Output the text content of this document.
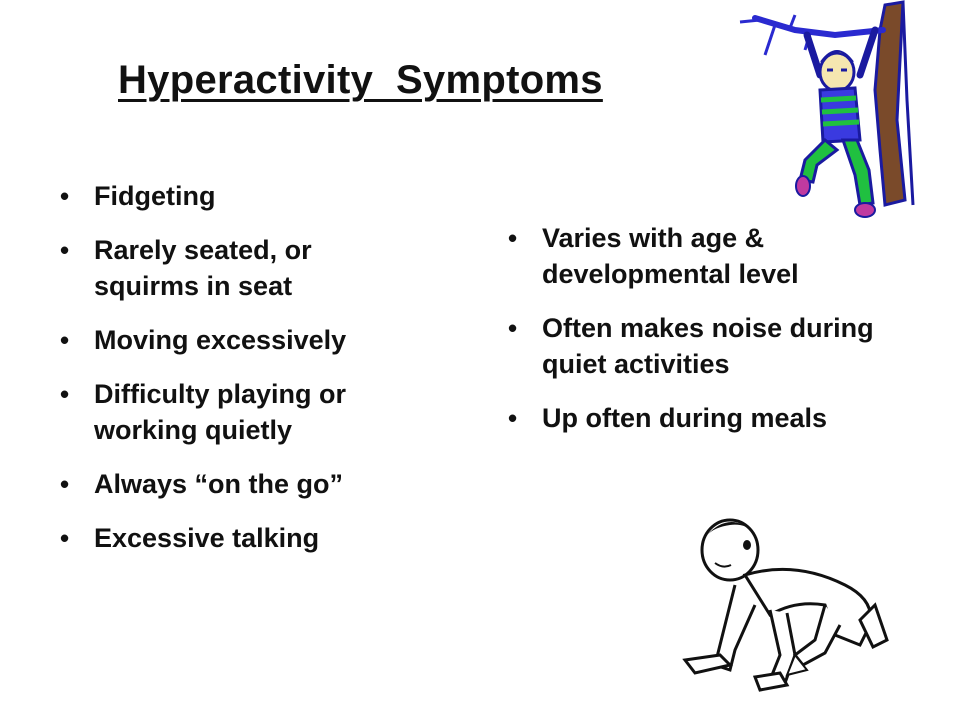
Hyperactivity  Symptoms
• Fidgeting
• Rarely seated, or squirms in seat
• Moving excessively
• Difficulty playing or working quietly
• Always “on the go”
• Excessive talking
• Varies with age & developmental level
• Often makes noise during quiet activities
• Up often during meals
